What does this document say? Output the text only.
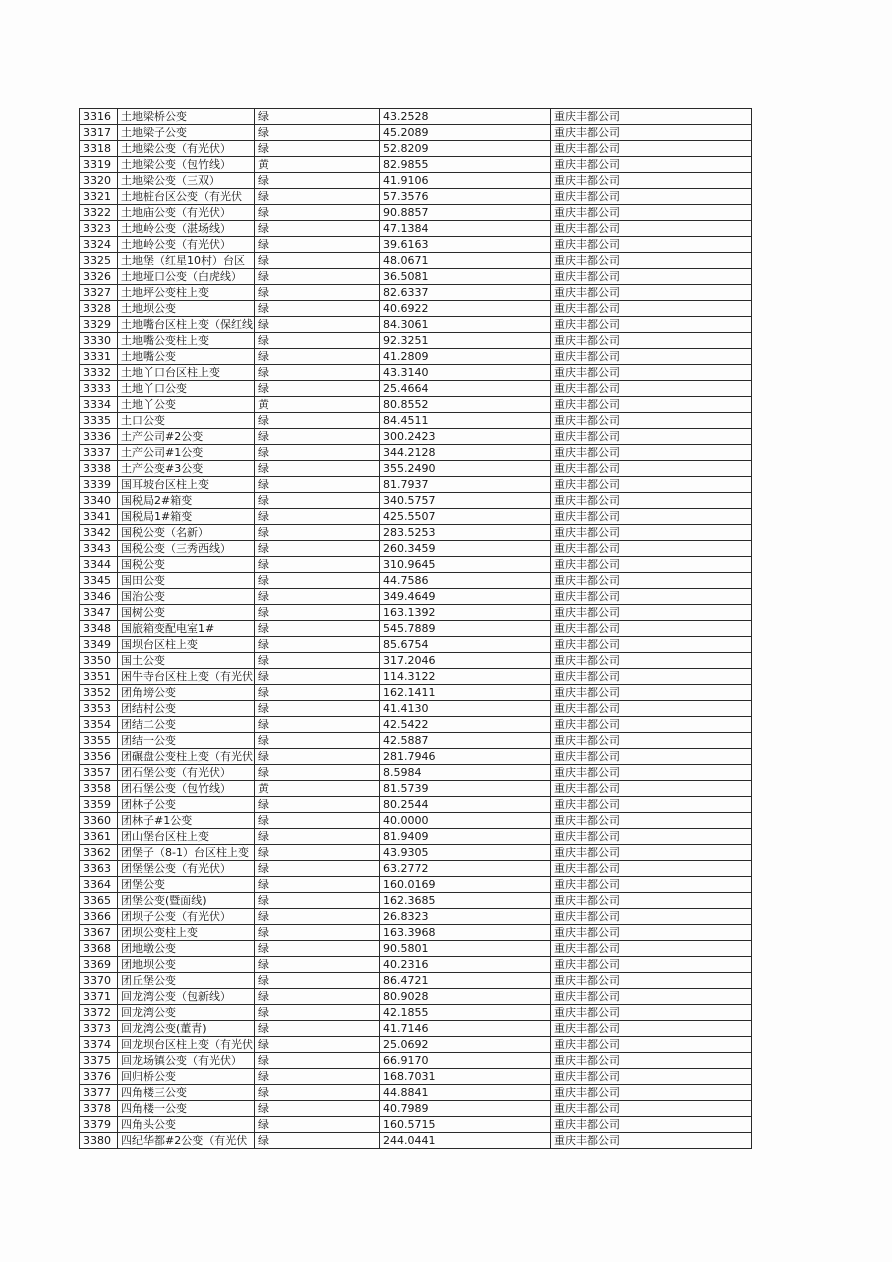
3316	土地梁桥公变	绿	43.2528	重庆丰都公司
3317	土地梁子公变	绿	45.2089	重庆丰都公司
3318	土地梁公变（有光伏）	绿	52.8209	重庆丰都公司
3319	土地梁公变（包竹线）	黄	82.9855	重庆丰都公司
3320	土地梁公变（三双）	绿	41.9106	重庆丰都公司
3321	土地桩台区公变（有光伏	绿	57.3576	重庆丰都公司
3322	土地庙公变（有光伏）	绿	90.8857	重庆丰都公司
3323	土地岭公变（湛场线）	绿	47.1384	重庆丰都公司
3324	土地岭公变（有光伏）	绿	39.6163	重庆丰都公司
3325	土地堡（红星10村）台区	绿	48.0671	重庆丰都公司
3326	土地垭口公变（白虎线）	绿	36.5081	重庆丰都公司
3327	土地坪公变柱上变	绿	82.6337	重庆丰都公司
3328	土地坝公变	绿	40.6922	重庆丰都公司
3329	土地嘴台区柱上变（保红线	绿	84.3061	重庆丰都公司
3330	土地嘴公变柱上变	绿	92.3251	重庆丰都公司
3331	土地嘴公变	绿	41.2809	重庆丰都公司
3332	土地丫口台区柱上变	绿	43.3140	重庆丰都公司
3333	土地丫口公变	绿	25.4664	重庆丰都公司
3334	土地丫公变	黄	80.8552	重庆丰都公司
3335	土口公变	绿	84.4511	重庆丰都公司
3336	土产公司#2公变	绿	300.2423	重庆丰都公司
3337	土产公司#1公变	绿	344.2128	重庆丰都公司
3338	土产公变#3公变	绿	355.2490	重庆丰都公司
3339	国耳坡台区柱上变	绿	81.7937	重庆丰都公司
3340	国税局2#箱变	绿	340.5757	重庆丰都公司
3341	国税局1#箱变	绿	425.5507	重庆丰都公司
3342	国税公变（名新）	绿	283.5253	重庆丰都公司
3343	国税公变（三秀西线）	绿	260.3459	重庆丰都公司
3344	国税公变	绿	310.9645	重庆丰都公司
3345	国田公变	绿	44.7586	重庆丰都公司
3346	国治公变	绿	349.4649	重庆丰都公司
3347	国树公变	绿	163.1392	重庆丰都公司
3348	国旅箱变配电室1#	绿	545.7889	重庆丰都公司
3349	国坝台区柱上变	绿	85.6754	重庆丰都公司
3350	国土公变	绿	317.2046	重庆丰都公司
3351	困牛寺台区柱上变（有光伏	绿	114.3122	重庆丰都公司
3352	团角塝公变	绿	162.1411	重庆丰都公司
3353	团结村公变	绿	41.4130	重庆丰都公司
3354	团结二公变	绿	42.5422	重庆丰都公司
3355	团结一公变	绿	42.5887	重庆丰都公司
3356	团碾盘公变柱上变（有光伏	绿	281.7946	重庆丰都公司
3357	团石堡公变（有光伏）	绿	8.5984	重庆丰都公司
3358	团石堡公变（包竹线）	黄	81.5739	重庆丰都公司
3359	团林子公变	绿	80.2544	重庆丰都公司
3360	团林子#1公变	绿	40.0000	重庆丰都公司
3361	团山堡台区柱上变	绿	81.9409	重庆丰都公司
3362	团堡子（8-1）台区柱上变	绿	43.9305	重庆丰都公司
3363	团堡堡公变（有光伏）	绿	63.2772	重庆丰都公司
3364	团堡公变	绿	160.0169	重庆丰都公司
3365	团堡公变(暨面线)	绿	162.3685	重庆丰都公司
3366	团坝子公变（有光伏）	绿	26.8323	重庆丰都公司
3367	团坝公变柱上变	绿	163.3968	重庆丰都公司
3368	团地墩公变	绿	90.5801	重庆丰都公司
3369	团地坝公变	绿	40.2316	重庆丰都公司
3370	团丘堡公变	绿	86.4721	重庆丰都公司
3371	回龙湾公变（包新线）	绿	80.9028	重庆丰都公司
3372	回龙湾公变	绿	42.1855	重庆丰都公司
3373	回龙湾公变(董青)	绿	41.7146	重庆丰都公司
3374	回龙坝台区柱上变（有光伏	绿	25.0692	重庆丰都公司
3375	回龙场镇公变（有光伏）	绿	66.9170	重庆丰都公司
3376	回归桥公变	绿	168.7031	重庆丰都公司
3377	四角楼三公变	绿	44.8841	重庆丰都公司
3378	四角楼一公变	绿	40.7989	重庆丰都公司
3379	四角头公变	绿	160.5715	重庆丰都公司
3380	四纪华都#2公变（有光伏	绿	244.0441	重庆丰都公司
